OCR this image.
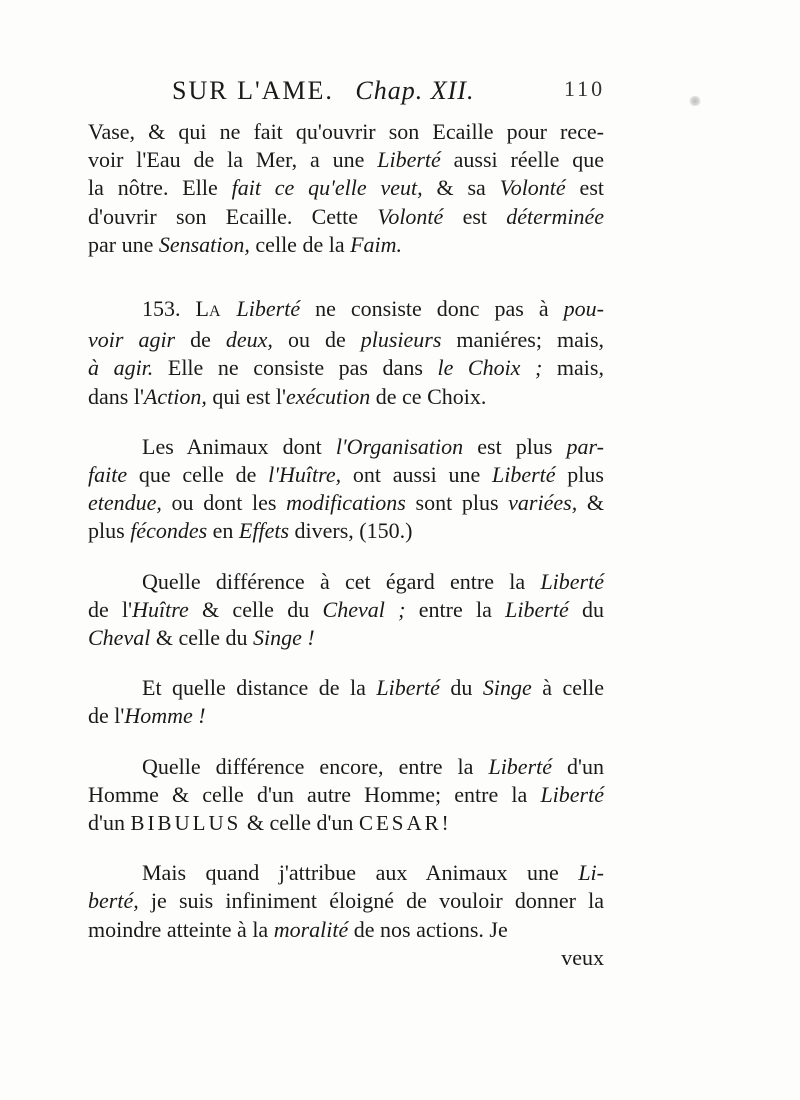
SUR L'AME. Chap. XII.	110
Vase, & qui ne fait qu'ouvrir son Ecaille pour rece-
voir l'Eau de la Mer, a une Liberté aussi réelle que
la nôtre. Elle fait ce qu'elle veut, & sa Volonté est
d'ouvrir son Ecaille. Cette Volonté est déterminée
par une Sensation, celle de la Faim.
153. LA Liberté ne consiste donc pas à pou-
voir agir de deux, ou de plusieurs maniéres; mais,
à agir. Elle ne consiste pas dans le Choix ; mais,
dans l'Action, qui est l'exécution de ce Choix.
Les Animaux dont l'Organisation est plus par-
faite que celle de l'Huître, ont aussi une Liberté plus
etendue, ou dont les modifications sont plus variées, &
plus fécondes en Effets divers, (150.)
Quelle différence à cet égard entre la Liberté
de l'Huître & celle du Cheval ; entre la Liberté du
Cheval & celle du Singe !
Et quelle distance de la Liberté du Singe à celle
de l'Homme !
Quelle différence encore, entre la Liberté d'un
Homme & celle d'un autre Homme; entre la Liberté
d'un BIBULUS & celle d'un CESAR!
Mais quand j'attribue aux Animaux une Li-
berté, je suis infiniment éloigné de vouloir donner la
moindre atteinte à la moralité de nos actions. Je
veux
